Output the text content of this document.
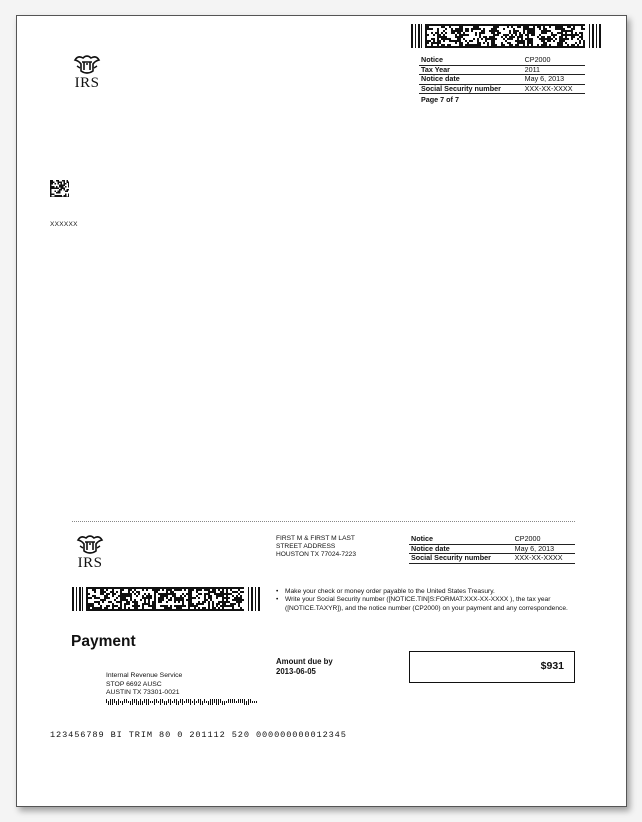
IRS
Notice	CP2000
Tax Year	2011
Notice date	May 6, 2013
Social Security number	XXX-XX-XXXX
Page 7 of 7
XXXXXX
IRS
FIRST M & FIRST M LAST
STREET ADDRESS
HOUSTON TX 77024-7223
Notice	CP2000
Notice date	May 6, 2013
Social Security number	XXX-XX-XXXX
•	Make your check or money order payable to the United States Treasury.
•	Write your Social Security number ([NOTICE.TIN]S:FORMAT:XXX-XX-XXXX ), the tax year ([NOTICE.TAXYR]), and the notice number (CP2000) on your payment and any correspondence.
Payment
Amount due by
2013-06-05	$931
Internal Revenue Service
STOP 6692 AUSC
AUSTIN TX 73301-0021
123456789 BI TRIM 80 0 201112 520 000000000012345
